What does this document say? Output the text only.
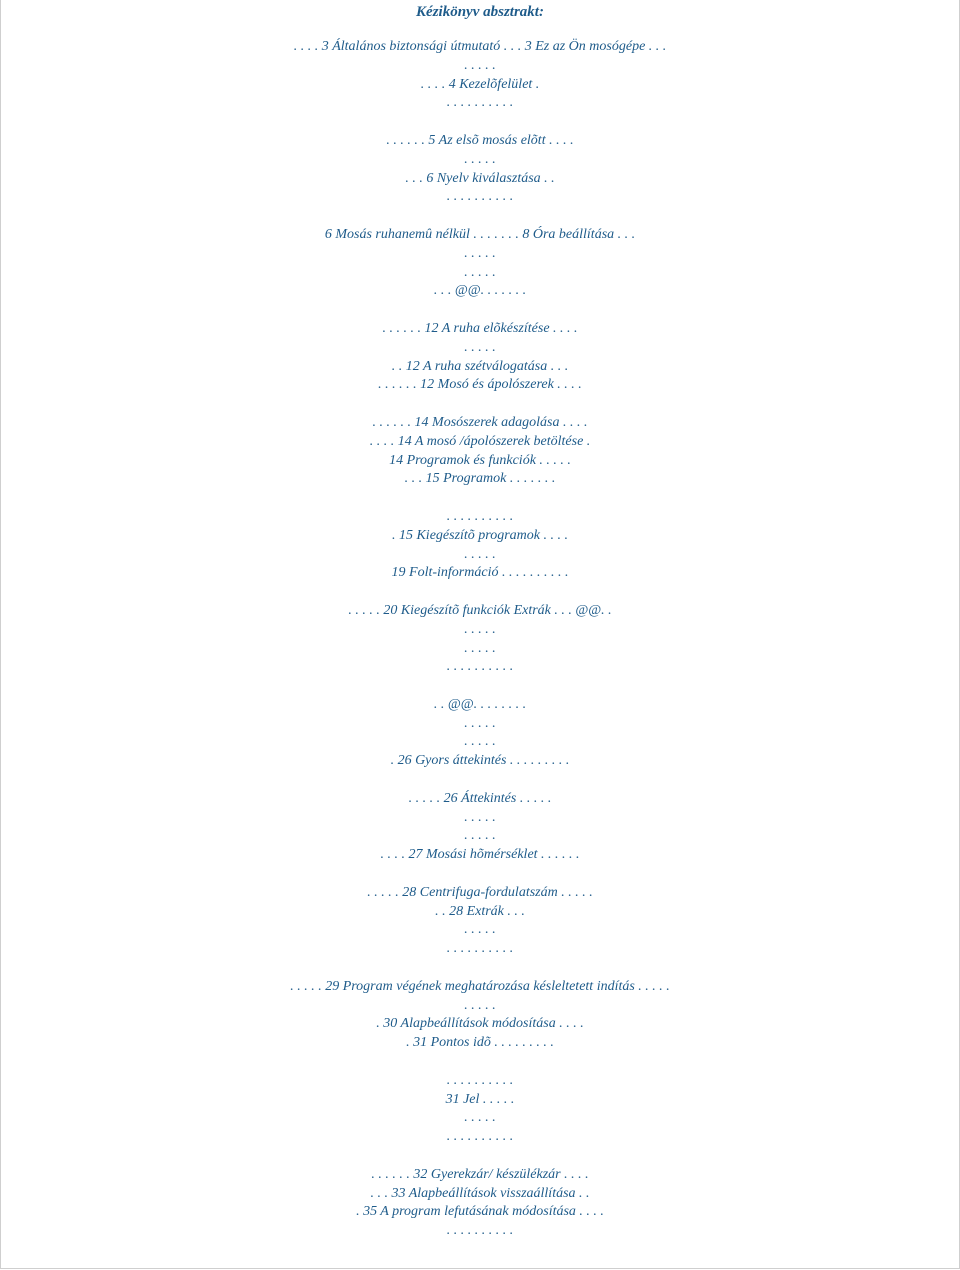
Kézikönyv absztrakt:
. . . . 3 Általános biztonsági útmutató . . . 3 Ez az Ön mosógépe . . .
. . . . .
. . . . 4 Kezelõfelület .
. . . . . . . . . .
. . . . . . 5 Az elsõ mosás elõtt . . . .
. . . . .
. . . 6 Nyelv kiválasztása . .
. . . . . . . . . .
6 Mosás ruhanemû nélkül . . . . . . . 8 Óra beállítása . . .
. . . . .
. . . . .
. . . @@. . . . . . .
. . . . . . 12 A ruha elõkészítése . . . .
. . . . .
. . 12 A ruha szétválogatása . . .
. . . . . . 12 Mosó és ápolószerek . . . .
. . . . . . 14 Mosószerek adagolása . . . .
. . . . 14 A mosó /ápolószerek betöltése .
14 Programok és funkciók . . . . .
. . . 15 Programok . . . . . . .
. . . . . . . . . .
. 15 Kiegészítõ programok . . . .
. . . . .
19 Folt-információ . . . . . . . . . .
. . . . . 20 Kiegészítõ funkciók Extrák . . . @@. .
. . . . .
. . . . .
. . . . . . . . . .
. . @@. . . . . . . .
. . . . .
. . . . .
. 26 Gyors áttekintés . . . . . . . . .
. . . . . 26 Áttekintés . . . . .
. . . . .
. . . . .
. . . . 27 Mosási hõmérséklet . . . . . .
. . . . . 28 Centrifuga-fordulatszám . . . . .
. . 28 Extrák . . .
. . . . .
. . . . . . . . . .
. . . . . 29 Program végének meghatározása késleltetett indítás . . . . .
. . . . .
. 30 Alapbeállítások módosítása . . . .
. 31 Pontos idõ . . . . . . . . .
. . . . . . . . . .
31 Jel . . . . .
. . . . .
. . . . . . . . . .
. . . . . . 32 Gyerekzár/ készülékzár . . . .
. . . 33 Alapbeállítások visszaállítása . .
. 35 A program lefutásának módosítása . . . .
. . . . . . . . . .
